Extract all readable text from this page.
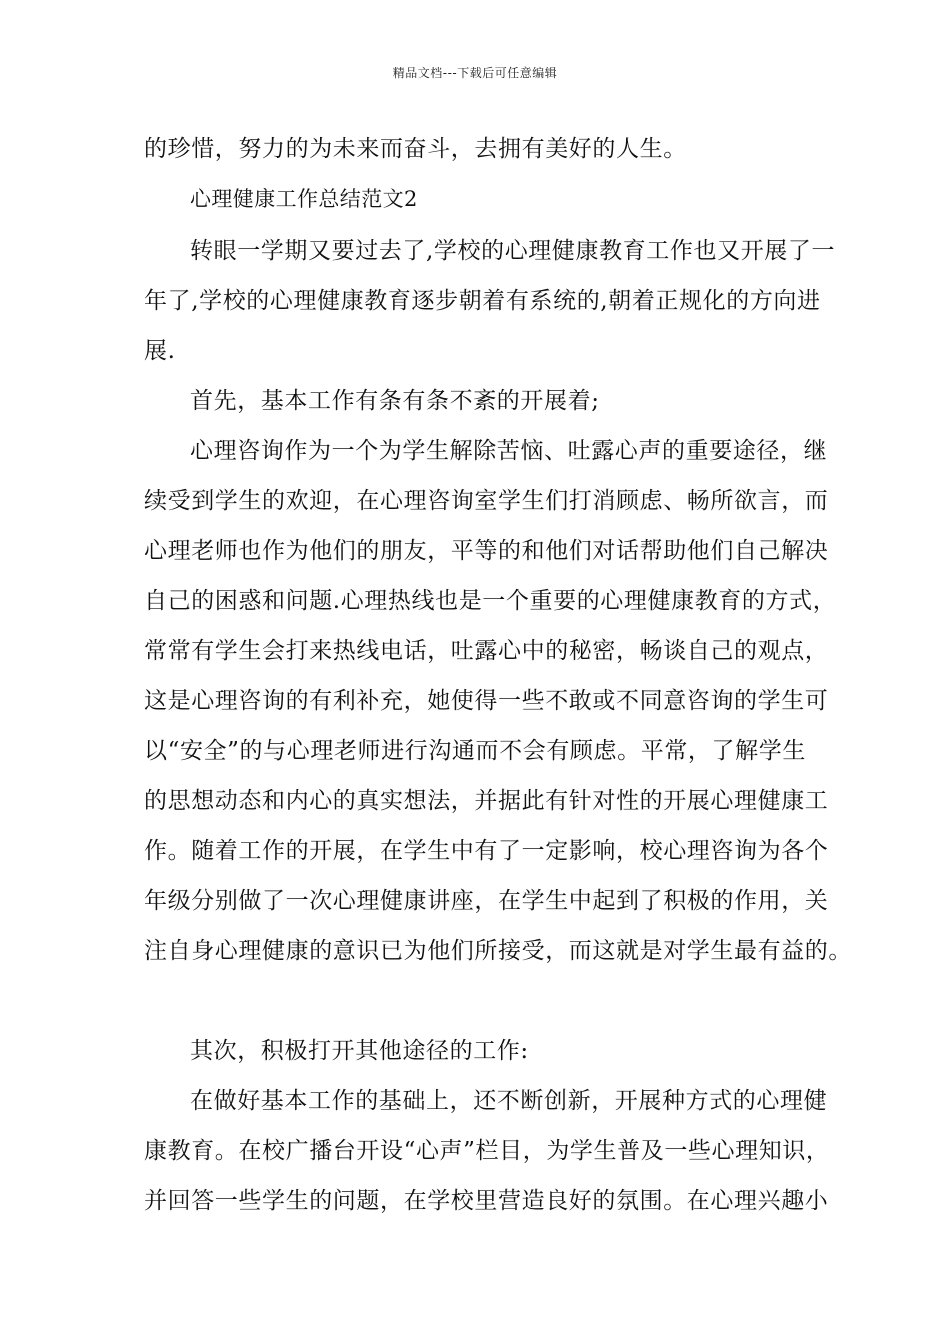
精品文档---下载后可任意编辑
的珍惜，努力的为未来而奋斗，去拥有美好的人生。
心理健康工作总结范文2
转眼一学期又要过去了,学校的心理健康教育工作也又开展了一
年了,学校的心理健康教育逐步朝着有系统的,朝着正规化的方向进
展.
首先，基本工作有条有条不紊的开展着;
心理咨询作为一个为学生解除苦恼、吐露心声的重要途径，继
续受到学生的欢迎，在心理咨询室学生们打消顾虑、畅所欲言，而
心理老师也作为他们的朋友，平等的和他们对话帮助他们自己解决
自己的困惑和问题.心理热线也是一个重要的心理健康教育的方式，
常常有学生会打来热线电话，吐露心中的秘密，畅谈自己的观点，
这是心理咨询的有利补充，她使得一些不敢或不同意咨询的学生可
以“安全”的与心理老师进行沟通而不会有顾虑。平常，了解学生
的思想动态和内心的真实想法，并据此有针对性的开展心理健康工
作。随着工作的开展，在学生中有了一定影响，校心理咨询为各个
年级分别做了一次心理健康讲座，在学生中起到了积极的作用，关
注自身心理健康的意识已为他们所接受，而这就是对学生最有益的。
其次，积极打开其他途径的工作:
在做好基本工作的基础上，还不断创新，开展种方式的心理健
康教育。在校广播台开设“心声”栏目，为学生普及一些心理知识，
并回答一些学生的问题，在学校里营造良好的氛围。在心理兴趣小
